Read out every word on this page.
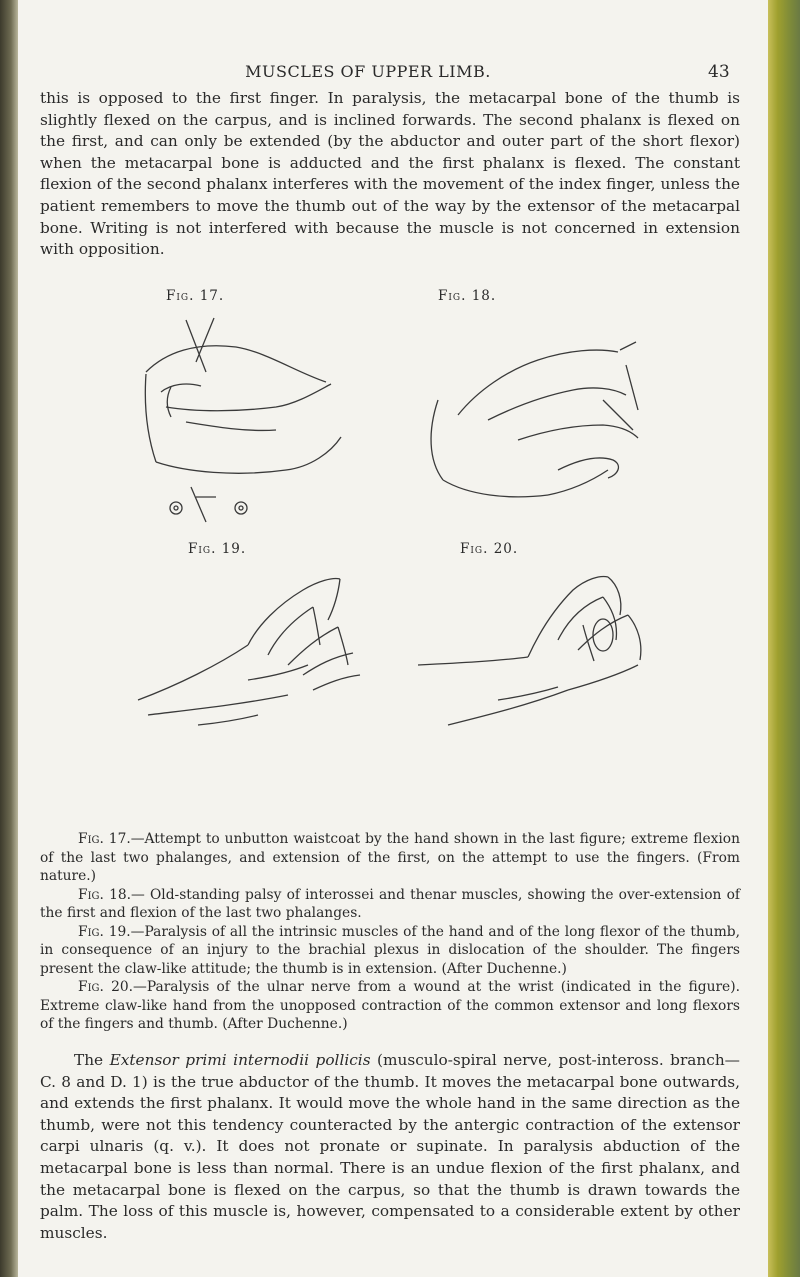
MUSCLES OF UPPER LIMB.	43

this is opposed to the first finger. In paralysis, the metacarpal bone of the thumb is slightly flexed on the carpus, and is inclined forwards. The second phalanx is flexed on the first, and can only be extended (by the abductor and outer part of the short flexor) when the metacarpal bone is adducted and the first phalanx is flexed. The constant flexion of the second phalanx interferes with the movement of the index finger, unless the patient remembers to move the thumb out of the way by the extensor of the metacarpal bone. Writing is not interfered with because the muscle is not concerned in extension with opposition.

Fig. 17.	Fig. 18.
Fig. 19.	Fig. 20.

Fig. 17.—Attempt to unbutton waistcoat by the hand shown in the last figure; extreme flexion of the last two phalanges, and extension of the first, on the attempt to use the fingers. (From nature.)

Fig. 18.— Old-standing palsy of interossei and thenar muscles, showing the over-extension of the first and flexion of the last two phalanges.

Fig. 19.—Paralysis of all the intrinsic muscles of the hand and of the long flexor of the thumb, in consequence of an injury to the brachial plexus in dislocation of the shoulder. The fingers present the claw-like attitude; the thumb is in extension. (After Duchenne.)

Fig. 20.—Paralysis of the ulnar nerve from a wound at the wrist (indicated in the figure). Extreme claw-like hand from the unopposed contraction of the common extensor and long flexors of the fingers and thumb. (After Duchenne.)

The Extensor primi internodii pollicis (musculo-spiral nerve, post-inteross. branch—C. 8 and D. 1) is the true abductor of the thumb. It moves the metacarpal bone outwards, and extends the first phalanx. It would move the whole hand in the same direction as the thumb, were not this tendency counteracted by the antergic contraction of the extensor carpi ulnaris (q. v.). It does not pronate or supinate. In paralysis abduction of the metacarpal bone is less than normal. There is an undue flexion of the first phalanx, and the metacarpal bone is flexed on the carpus, so that the thumb is drawn towards the palm. The loss of this muscle is, however, compensated to a considerable extent by other muscles.
